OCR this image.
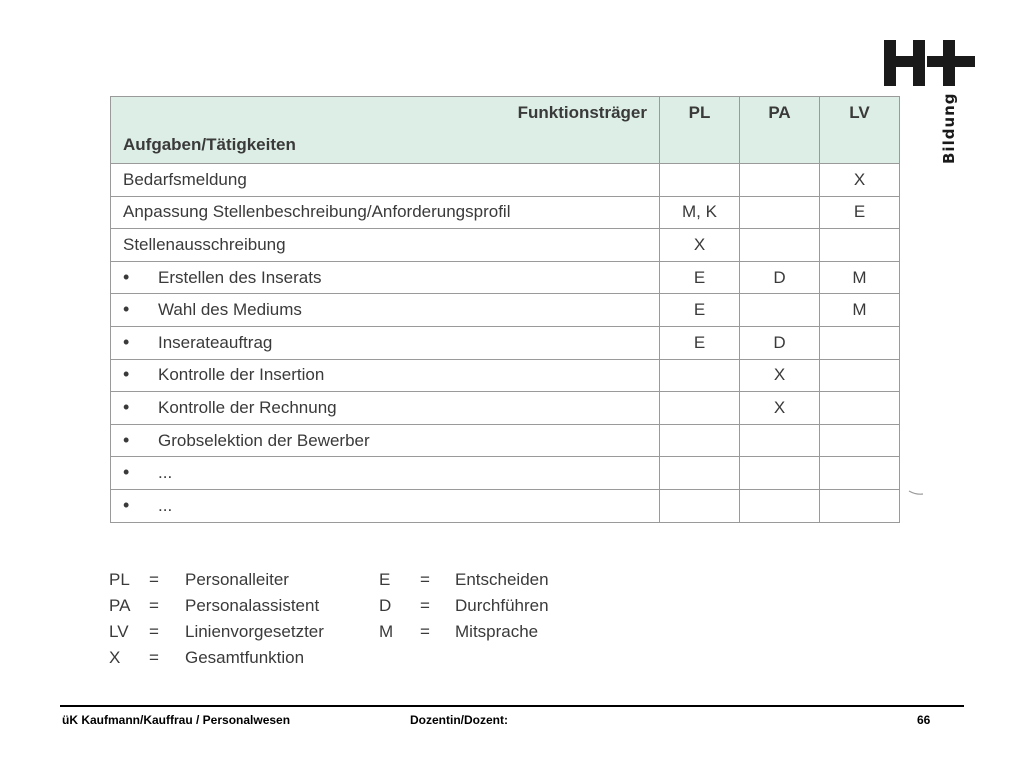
Bildung
Funktionsträger
Aufgaben/Tätigkeiten	PL	PA	LV

Bedarfsmeldung			X

Anpassung Stellenbeschreibung/Anforderungsprofil	M, K		E

Stellenausschreibung	X		

• Erstellen des Inserats	E	D	M

• Wahl des Mediums	E		M

• Inserateauftrag	E	D	

• Kontrolle der Insertion		X	

• Kontrolle der Rechnung		X	

• Grobselektion der Bewerber			

• ...			

• ...			

PL = Personalleiter	E = Entscheiden
PA = Personalassistent	D = Durchführen
LV = Linienvorgesetzter	M = Mitsprache
X = Gesamtfunktion
üK Kaufmann/Kauffrau / Personalwesen	Dozentin/Dozent:	66
